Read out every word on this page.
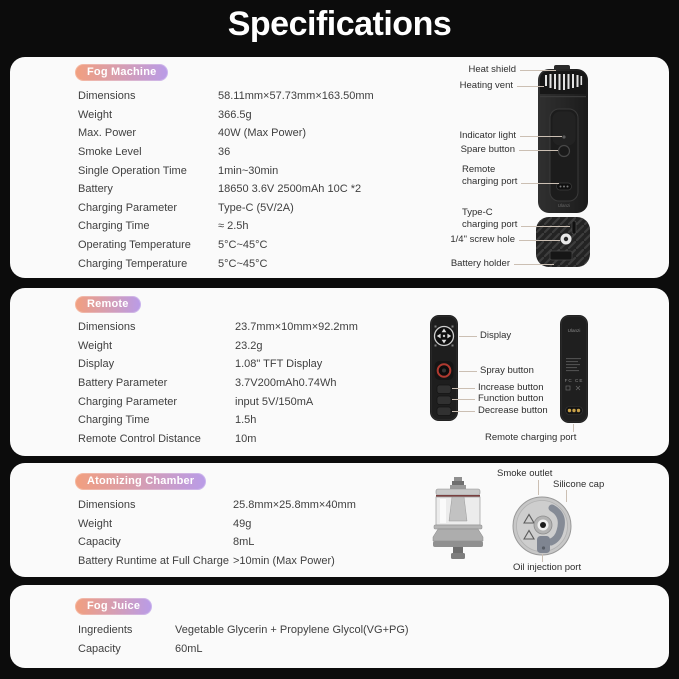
Specifications
Fog Machine
Dimensions	58.11mm×57.73mm×163.50mm
Weight	366.5g
Max. Power	40W (Max Power)
Smoke Level	36
Single Operation Time	1min~30min
Battery	18650 3.6V 2500mAh 10C *2
Charging Parameter	Type-C (5V/2A)
Charging Time	≈ 2.5h
Operating Temperature	5°C~45°C
Charging Temperature	5°C~45°C
Ulanzi
Heat shield
Heating vent
Indicator light
Spare button
Remote charging port
Type-C charging port
1/4" screw hole
Battery holder
Remote
Dimensions	23.7mm×10mm×92.2mm
Weight	23.2g
Display	1.08" TFT Display
Battery Parameter	3.7V200mAh0.74Wh
Charging Parameter	input 5V/150mA
Charging Time	1.5h
Remote Control Distance	10m
Ulanzi
FC CE
Display
Spray button
Increase button
Function button
Decrease button
Remote charging port
Atomizing Chamber
Dimensions	25.8mm×25.8mm×40mm
Weight	49g
Capacity	8mL
Battery Runtime at Full Charge >10min (Max Power)
Smoke outlet
Silicone cap
Oil injection port
Fog Juice
Ingredients	Vegetable Glycerin + Propylene Glycol(VG+PG)
Capacity	60mL
